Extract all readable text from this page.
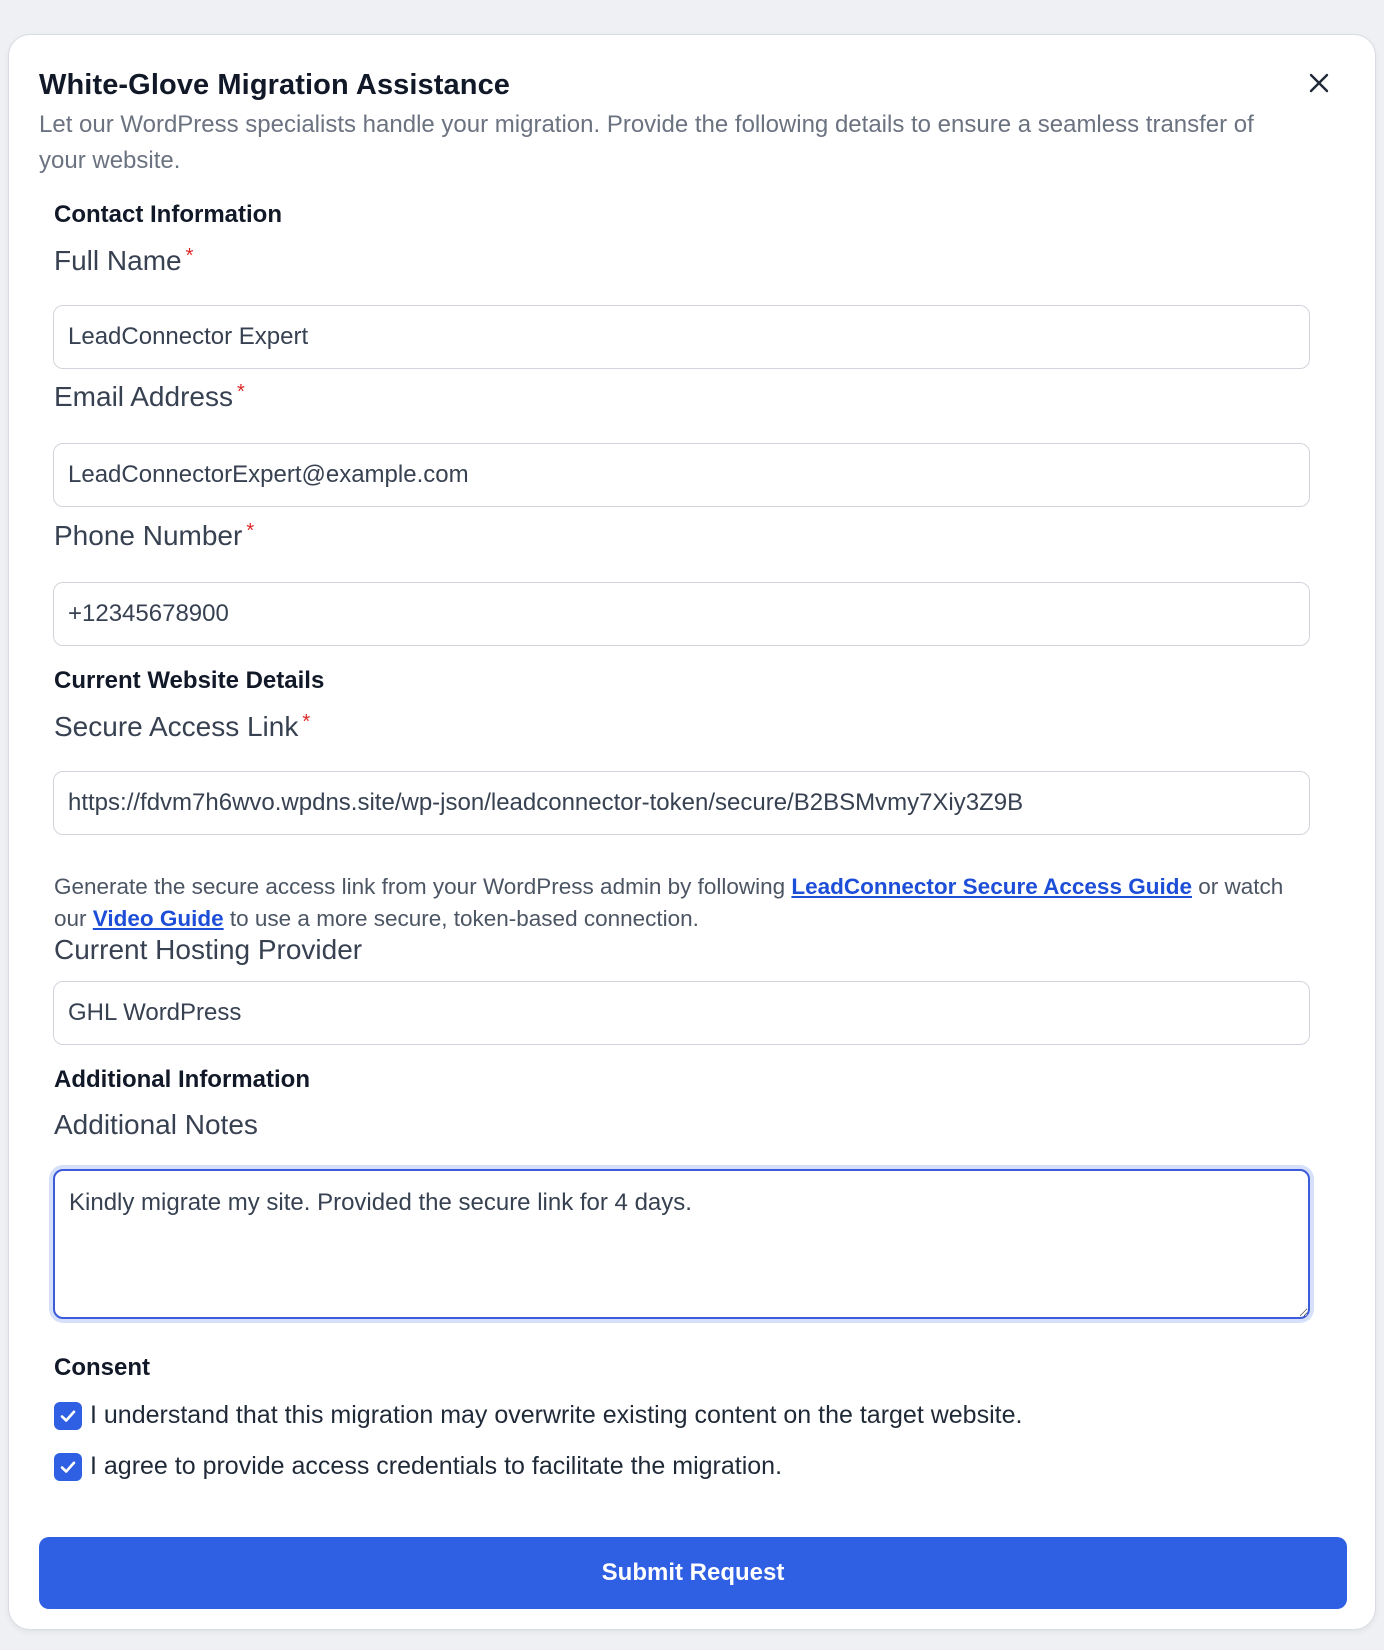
White-Glove Migration Assistance

Let our WordPress specialists handle your migration. Provide the following details to ensure a seamless transfer of your website.

Contact Information
Full Name *
LeadConnector Expert
Email Address *
LeadConnectorExpert@example.com
Phone Number *
+12345678900
Current Website Details
Secure Access Link *
https://fdvm7h6wvo.wpdns.site/wp-json/leadconnector-token/secure/B2BSMvmy7Xiy3Z9B

Generate the secure access link from your WordPress admin by following LeadConnector Secure Access Guide or watch our Video Guide to use a more secure, token-based connection.

Current Hosting Provider
GHL WordPress
Additional Information
Additional Notes
Kindly migrate my site. Provided the secure link for 4 days.
Consent
I understand that this migration may overwrite existing content on the target website.
I agree to provide access credentials to facilitate the migration.
Submit Request
